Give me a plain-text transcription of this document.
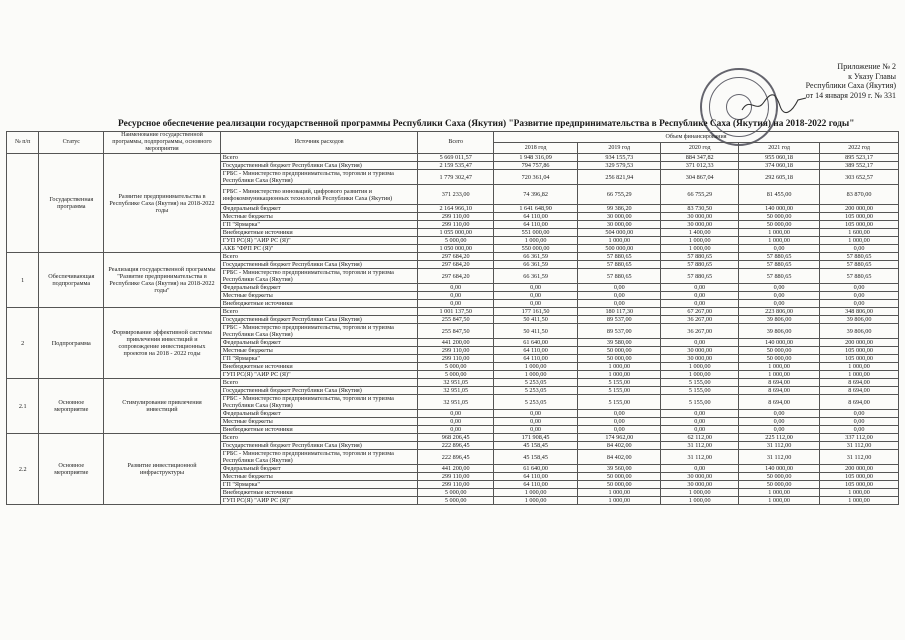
Приложение № 2
к Указу Главы
Республики Саха (Якутия)
от 14 января 2019 г. № 331
Ресурсное обеспечение реализации государственной программы Республики Саха (Якутия) "Развитие предпринимательства в Республике Саха (Якутия) на 2018-2022 годы"
№ п/п	Статус	Наименование государственной программы, подпрограммы, основного мероприятия	Источник расходов	Всего	Объем финансирования				
					2018 год	2019 год	2020 год	2021 год	2022 год
	Государственная программа	Развитие предпринимательства в Республике Саха (Якутия) на 2018-2022 годы	Всего	5 669 011,57	1 948 316,09	934 155,73	884 347,82	955 060,18	895 523,17
			Государственный бюджет Республики Саха (Якутия)	2 159 535,47	794 757,86	329 579,53	371 012,33	374 060,18	389 552,17
			ГРБС - Министерство предпринимательства, торговли и туризма Республики Саха (Якутия)	1 779 302,47	720 361,04	256 821,94	304 867,04	292 605,18	303 652,57
			ГРБС - Министерство инноваций, цифрового развития и инфокоммуникационных технологий Республики Саха (Якутия)	371 233,00	74 396,82	66 755,29	66 755,29	81 455,00	83 870,00
			Федеральный бюджет	2 164 966,10	1 641 648,90	99 386,20	83 730,50	140 000,00	200 000,00
			Местные бюджеты	299 110,00	64 110,00	30 000,00	30 000,00	50 000,00	105 000,00
			ГП "Ярмарка"	299 110,00	64 110,00	30 000,00	30 000,00	50 000,00	105 000,00
			Внебюджетные источники	1 055 000,00	551 000,00	504 000,00	1 400,00	1 000,00	1 600,00
			ГУП РС(Я) "АИР РС (Я)"	5 000,00	1 000,00	1 000,00	1 000,00	1 000,00	1 000,00
			АКБ "ФРП РС (Я)"	1 050 000,00	550 000,00	500 000,00	1 000,00	0,00	0,00
1	Обеспечивающая подпрограмма	Реализация государственной программы "Развитие предпринимательства в Республике Саха (Якутия) на 2018-2022 годы"	Всего	297 684,20	66 361,59	57 880,65	57 880,65	57 880,65	57 880,65
			Государственный бюджет Республики Саха (Якутия)	297 684,20	66 361,59	57 880,65	57 880,65	57 880,65	57 880,65
			ГРБС - Министерство предпринимательства, торговли и туризма Республики Саха (Якутия)	297 684,20	66 361,59	57 880,65	57 880,65	57 880,65	57 880,65
			Федеральный бюджет	0,00	0,00	0,00	0,00	0,00	0,00
			Местные бюджеты	0,00	0,00	0,00	0,00	0,00	0,00
			Внебюджетные источники	0,00	0,00	0,00	0,00	0,00	0,00
2	Подпрограмма	Формирование эффективной системы привлечения инвестиций и сопровождение инвестиционных проектов на 2018 - 2022 годы	Всего	1 001 137,50	177 161,50	180 117,30	67 267,00	223 806,00	348 806,00
			Государственный бюджет Республики Саха (Якутия)	255 847,50	50 411,50	89 537,00	36 267,00	39 806,00	39 806,00
			ГРБС - Министерство предпринимательства, торговли и туризма Республики Саха (Якутия)	255 847,50	50 411,50	89 537,00	36 267,00	39 806,00	39 806,00
			Федеральный бюджет	441 200,00	61 640,00	39 580,00	0,00	140 000,00	200 000,00
			Местные бюджеты	299 110,00	64 110,00	50 000,00	30 000,00	50 000,00	105 000,00
			ГП "Ярмарка"	299 110,00	64 110,00	50 000,00	30 000,00	50 000,00	105 000,00
			Внебюджетные источники	5 000,00	1 000,00	1 000,00	1 000,00	1 000,00	1 000,00
			ГУП РС(Я) "АИР РС (Я)"	5 000,00	1 000,00	1 000,00	1 000,00	1 000,00	1 000,00
2.1	Основное мероприятие	Стимулирование привлечения инвестиций	Всего	32 951,05	5 253,05	5 155,00	5 155,00	8 694,00	8 694,00
			Государственный бюджет Республики Саха (Якутия)	32 951,05	5 253,05	5 155,00	5 155,00	8 694,00	8 694,00
			ГРБС - Министерство предпринимательства, торговли и туризма Республики Саха (Якутия)	32 951,05	5 253,05	5 155,00	5 155,00	8 694,00	8 694,00
			Федеральный бюджет	0,00	0,00	0,00	0,00	0,00	0,00
			Местные бюджеты	0,00	0,00	0,00	0,00	0,00	0,00
			Внебюджетные источники	0,00	0,00	0,00	0,00	0,00	0,00
2.2	Основное мероприятие	Развитие инвестиционной инфраструктуры	Всего	968 206,45	171 908,45	174 962,00	62 112,00	225 112,00	337 112,00
			Государственный бюджет Республики Саха (Якутия)	222 896,45	45 158,45	84 402,00	31 112,00	31 112,00	31 112,00
			ГРБС - Министерство предпринимательства, торговли и туризма Республики Саха (Якутия)	222 896,45	45 158,45	84 402,00	31 112,00	31 112,00	31 112,00
			Федеральный бюджет	441 200,00	61 640,00	39 560,00	0,00	140 000,00	200 000,00
			Местные бюджеты	299 110,00	64 110,00	50 000,00	30 000,00	50 000,00	105 000,00
			ГП "Ярмарка"	299 110,00	64 110,00	50 000,00	30 000,00	50 000,00	105 000,00
			Внебюджетные источники	5 000,00	1 000,00	1 000,00	1 000,00	1 000,00	1 000,00
			ГУП РС(Я) "АИР РС (Я)"	5 000,00	1 000,00	1 000,00	1 000,00	1 000,00	1 000,00
